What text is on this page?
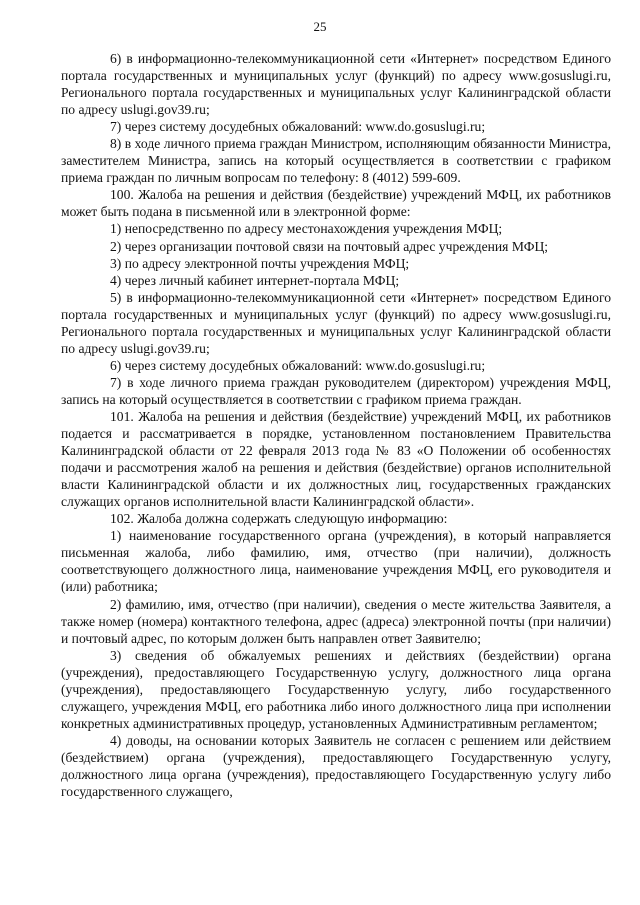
25

6) в информационно-телекоммуникационной сети «Интернет» посредством Единого портала государственных и муниципальных услуг (функций) по адресу www.gosuslugi.ru, Регионального портала государственных и муниципальных услуг Калининградской области по адресу uslugi.gov39.ru;

7) через систему досудебных обжалований: www.do.gosuslugi.ru;

8) в ходе личного приема граждан Министром, исполняющим обязанности Министра, заместителем Министра, запись на который осуществляется в соответствии с графиком приема граждан по личным вопросам по телефону: 8 (4012) 599-609.

100. Жалоба на решения и действия (бездействие) учреждений МФЦ, их работников может быть подана в письменной или в электронной форме:

1) непосредственно по адресу местонахождения учреждения МФЦ;

2) через организации почтовой связи на почтовый адрес учреждения МФЦ;

3) по адресу электронной почты учреждения МФЦ;

4) через личный кабинет интернет-портала МФЦ;

5) в информационно-телекоммуникационной сети «Интернет» посредством Единого портала государственных и муниципальных услуг (функций) по адресу www.gosuslugi.ru, Регионального портала государственных и муниципальных услуг Калининградской области по адресу uslugi.gov39.ru;

6) через систему досудебных обжалований: www.do.gosuslugi.ru;

7) в ходе личного приема граждан руководителем (директором) учреждения МФЦ, запись на который осуществляется в соответствии с графиком приема граждан.

101. Жалоба на решения и действия (бездействие) учреждений МФЦ, их работников подается и рассматривается в порядке, установленном постановлением Правительства Калининградской области от 22 февраля 2013 года № 83 «О Положении об особенностях подачи и рассмотрения жалоб на решения и действия (бездействие) органов исполнительной власти Калининградской области и их должностных лиц, государственных гражданских служащих органов исполнительной власти Калининградской области».

102. Жалоба должна содержать следующую информацию:

1) наименование государственного органа (учреждения), в который направляется письменная жалоба, либо фамилию, имя, отчество (при наличии), должность соответствующего должностного лица, наименование учреждения МФЦ, его руководителя и (или) работника;

2) фамилию, имя, отчество (при наличии), сведения о месте жительства Заявителя, а также номер (номера) контактного телефона, адрес (адреса) электронной почты (при наличии) и почтовый адрес, по которым должен быть направлен ответ Заявителю;

3) сведения об обжалуемых решениях и действиях (бездействии) органа (учреждения), предоставляющего Государственную услугу, должностного лица органа (учреждения), предоставляющего Государственную услугу, либо государственного служащего, учреждения МФЦ, его работника либо иного должностного лица при исполнении конкретных административных процедур, установленных Административным регламентом;

4) доводы, на основании которых Заявитель не согласен с решением или действием (бездействием) органа (учреждения), предоставляющего Государственную услугу, должностного лица органа (учреждения), предоставляющего Государственную услугу либо государственного служащего,
